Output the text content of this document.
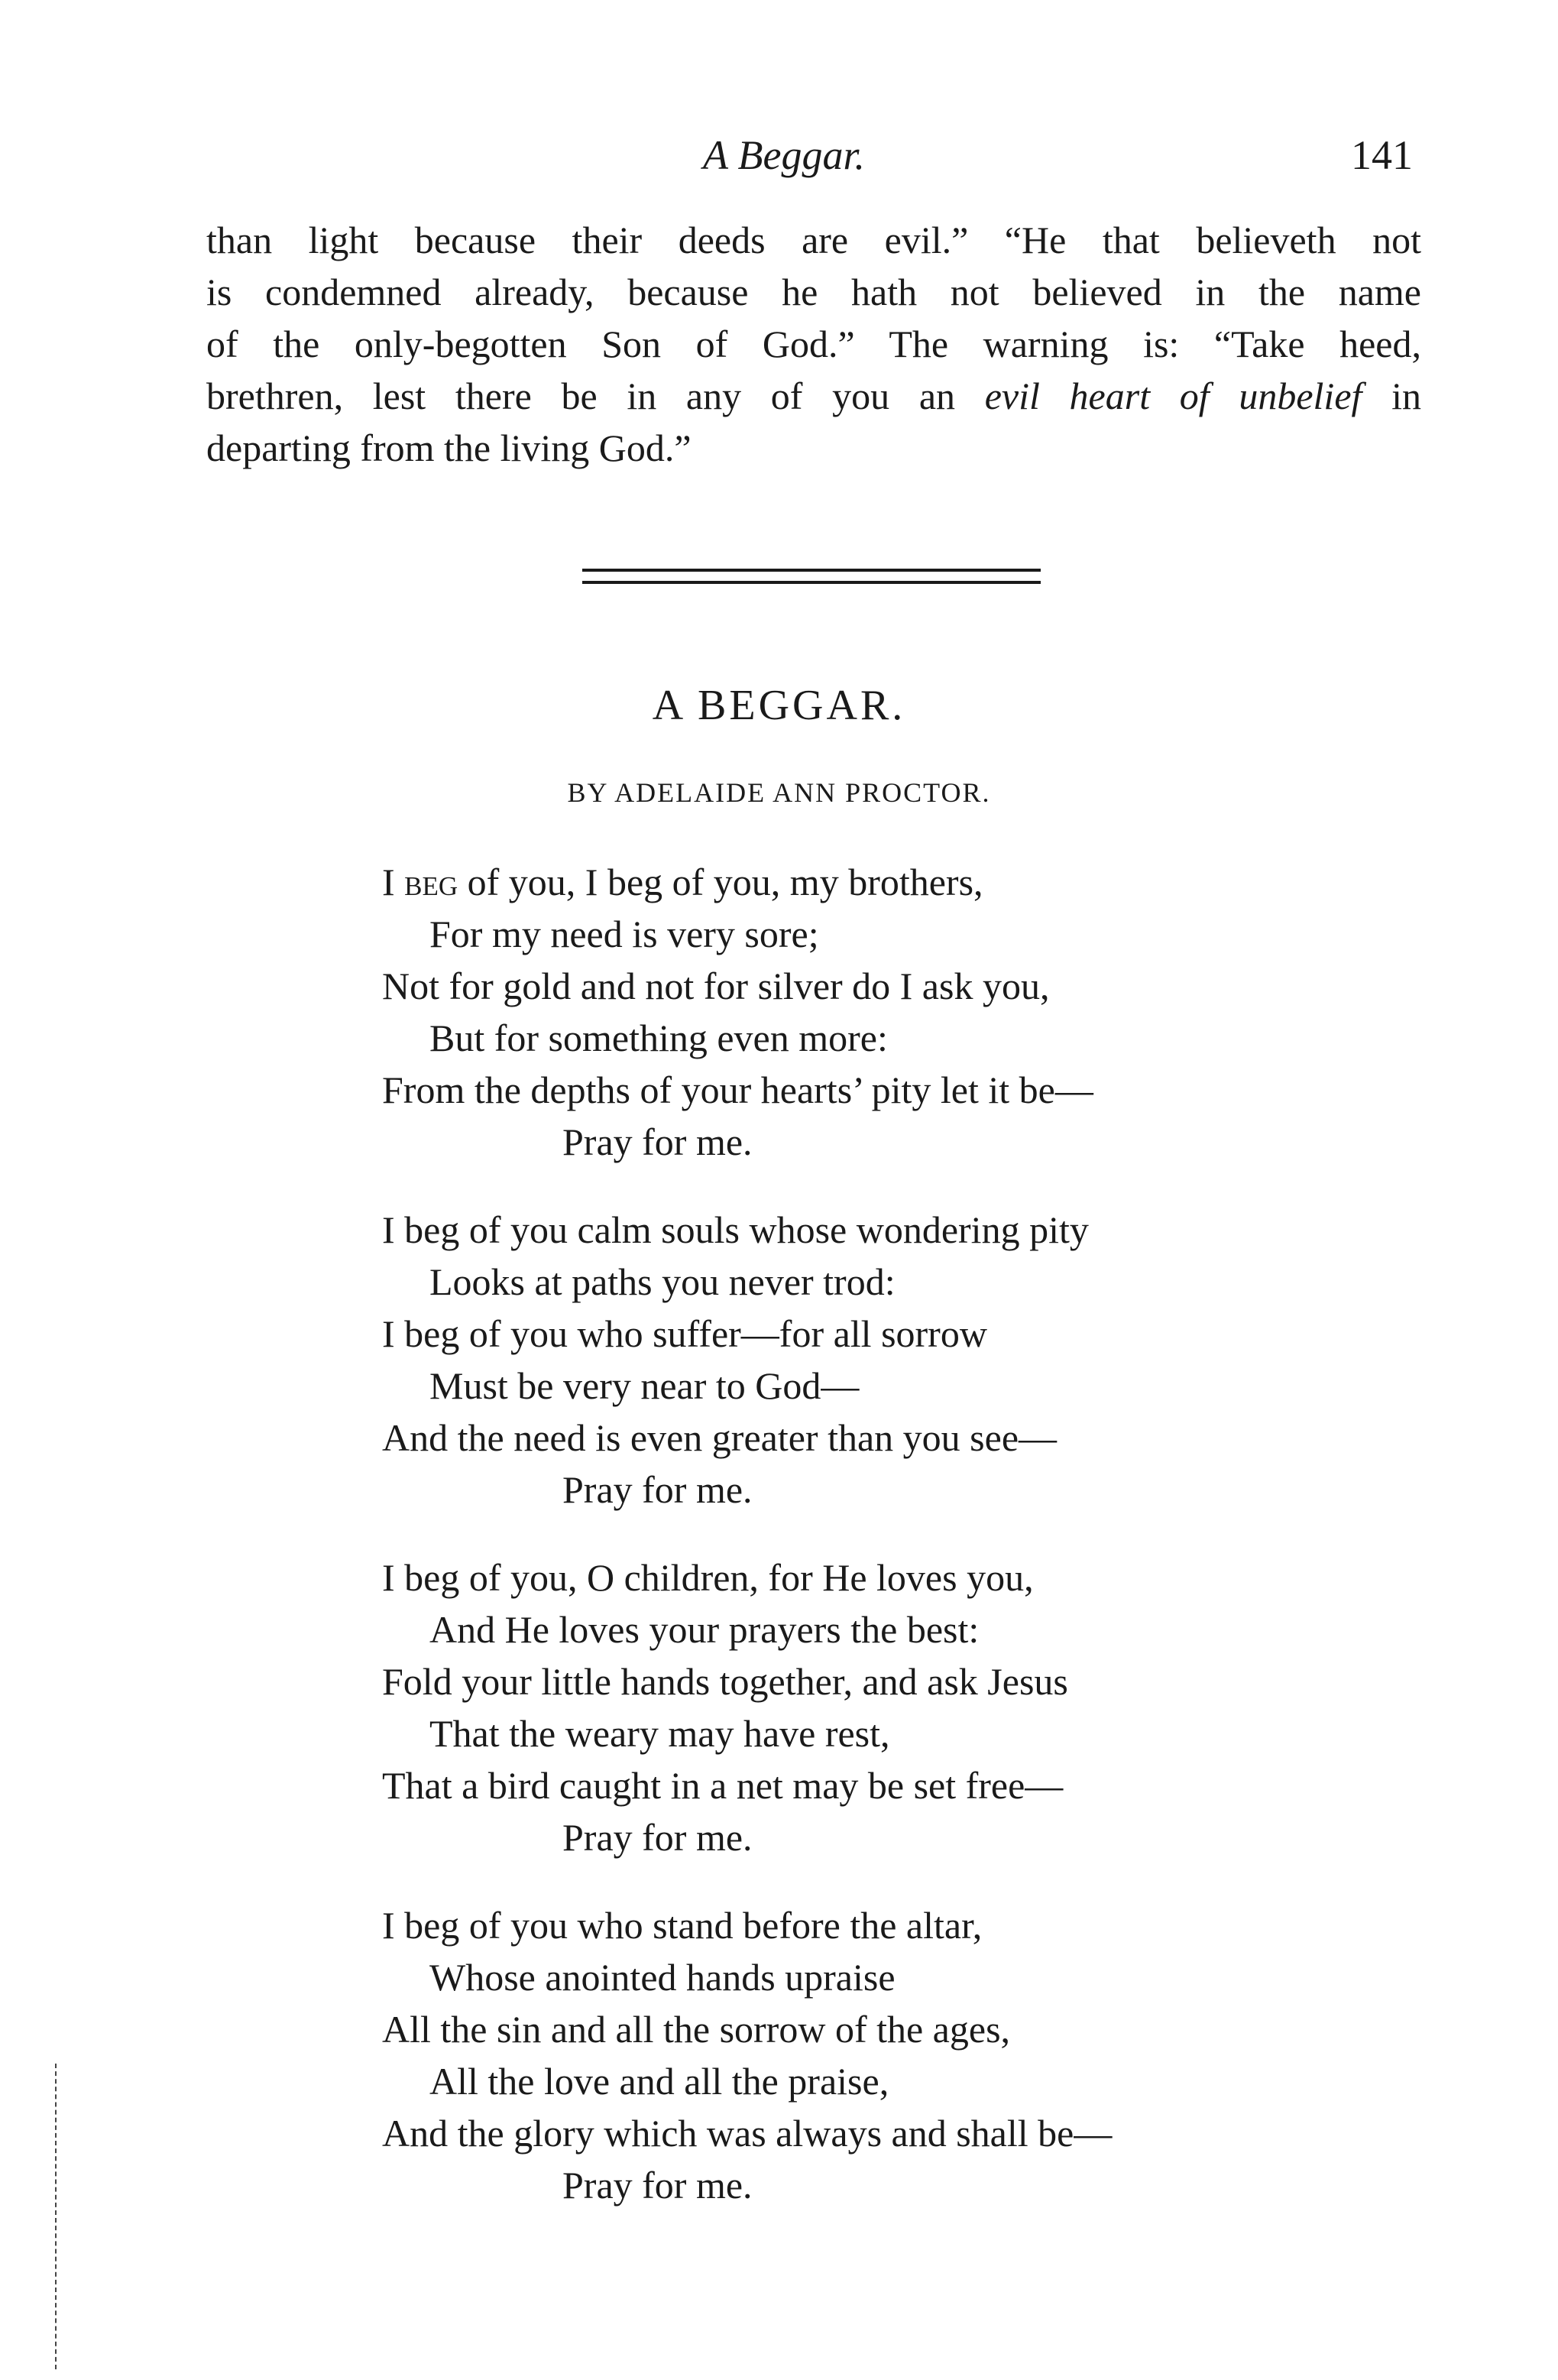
A Beggar.	141
than light because their deeds are evil.” “He that believeth not
is condemned already, because he hath not believed in the name
of the only-begotten Son of God.” The warning is: “Take heed,
brethren, lest there be in any of you an evil heart of unbelief in
departing from the living God.”
A BEGGAR.
BY ADELAIDE ANN PROCTOR.
I beg of you, I beg of you, my brothers,
For my need is very sore;
Not for gold and not for silver do I ask you,
But for something even more:
From the depths of your hearts’ pity let it be—
Pray for me.
I beg of you calm souls whose wondering pity
Looks at paths you never trod:
I beg of you who suffer—for all sorrow
Must be very near to God—
And the need is even greater than you see—
Pray for me.
I beg of you, O children, for He loves you,
And He loves your prayers the best:
Fold your little hands together, and ask Jesus
That the weary may have rest,
That a bird caught in a net may be set free—
Pray for me.
I beg of you who stand before the altar,
Whose anointed hands upraise
All the sin and all the sorrow of the ages,
All the love and all the praise,
And the glory which was always and shall be—
Pray for me.
